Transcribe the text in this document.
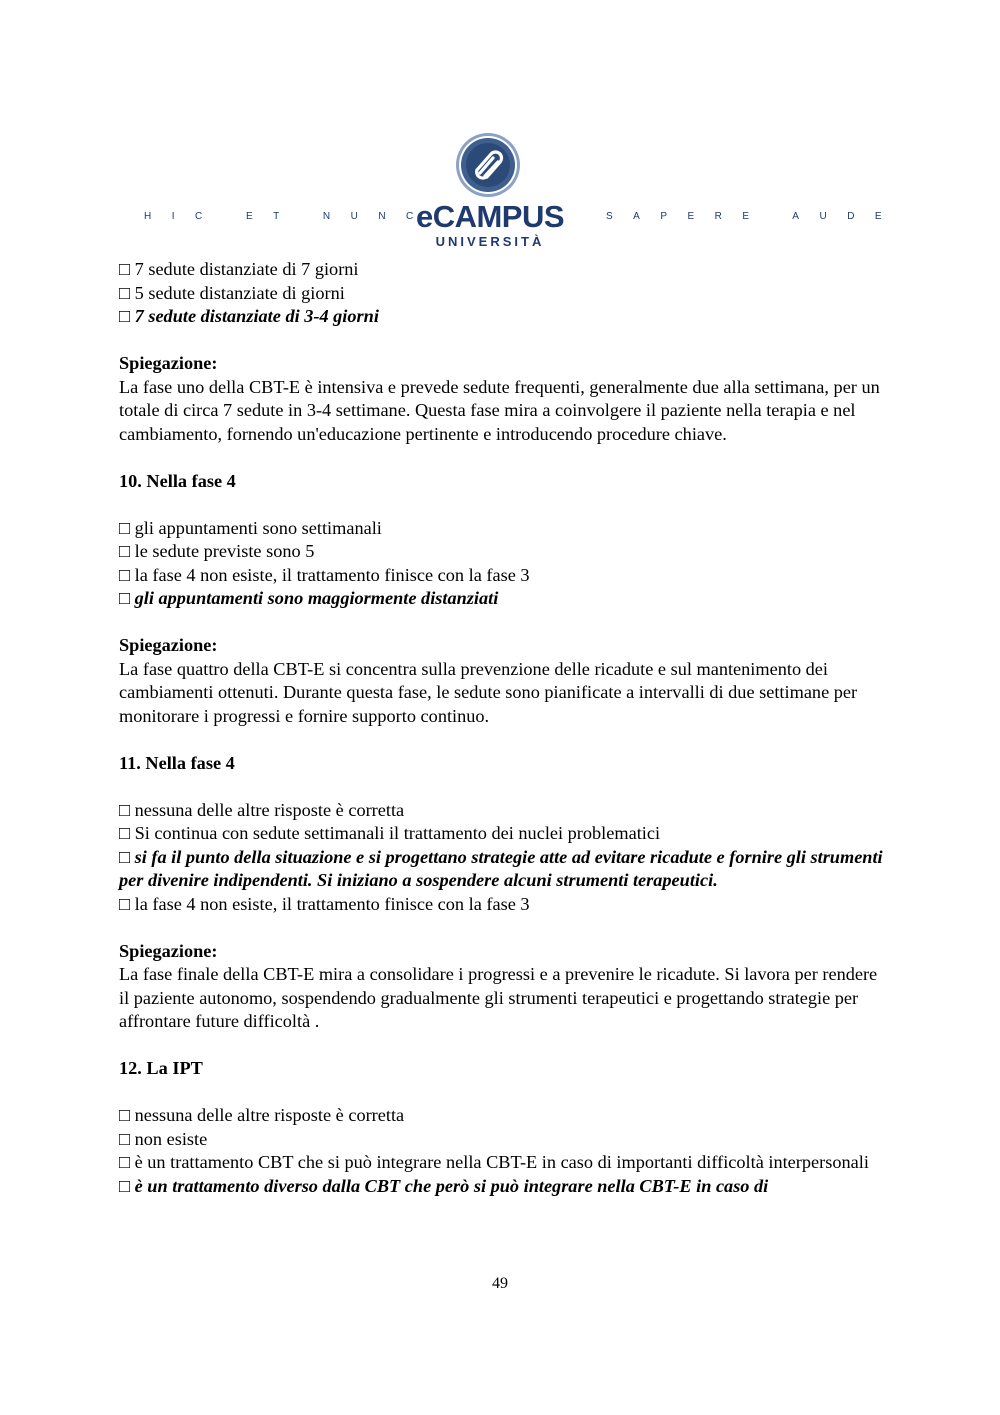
HIC ET NUNC
eCAMPUS	SAPERE AUDE
UNIVERSITÀ

□ 7 sedute distanziate di 7 giorni

□ 5 sedute distanziate di giorni

□ 7 sedute distanziate di 3-4 giorni

Spiegazione:

La fase uno della CBT-E è intensiva e prevede sedute frequenti, generalmente due alla settimana, per un totale di circa 7 sedute in 3-4 settimane. Questa fase mira a coinvolgere il paziente nella terapia e nel cambiamento, fornendo un'educazione pertinente e introducendo procedure chiave.

10. Nella fase 4

□ gli appuntamenti sono settimanali

□ le sedute previste sono 5

□ la fase 4 non esiste, il trattamento finisce con la fase 3

□ gli appuntamenti sono maggiormente distanziati

Spiegazione:

La fase quattro della CBT-E si concentra sulla prevenzione delle ricadute e sul mantenimento dei cambiamenti ottenuti. Durante questa fase, le sedute sono pianificate a intervalli di due settimane per monitorare i progressi e fornire supporto continuo.

11. Nella fase 4

□ nessuna delle altre risposte è corretta

□ Si continua con sedute settimanali il trattamento dei nuclei problematici

□ si fa il punto della situazione e si progettano strategie atte ad evitare ricadute e fornire gli strumenti per divenire indipendenti. Si iniziano a sospendere alcuni strumenti terapeutici.

□ la fase 4 non esiste, il trattamento finisce con la fase 3

Spiegazione:

La fase finale della CBT-E mira a consolidare i progressi e a prevenire le ricadute. Si lavora per rendere il paziente autonomo, sospendendo gradualmente gli strumenti terapeutici e progettando strategie per affrontare future difficoltà .

12. La IPT

□ nessuna delle altre risposte è corretta

□ non esiste

□ è un trattamento CBT che si può integrare nella CBT-E in caso di importanti difficoltà interpersonali

□ è un trattamento diverso dalla CBT che però si può integrare nella CBT-E in caso di

49
